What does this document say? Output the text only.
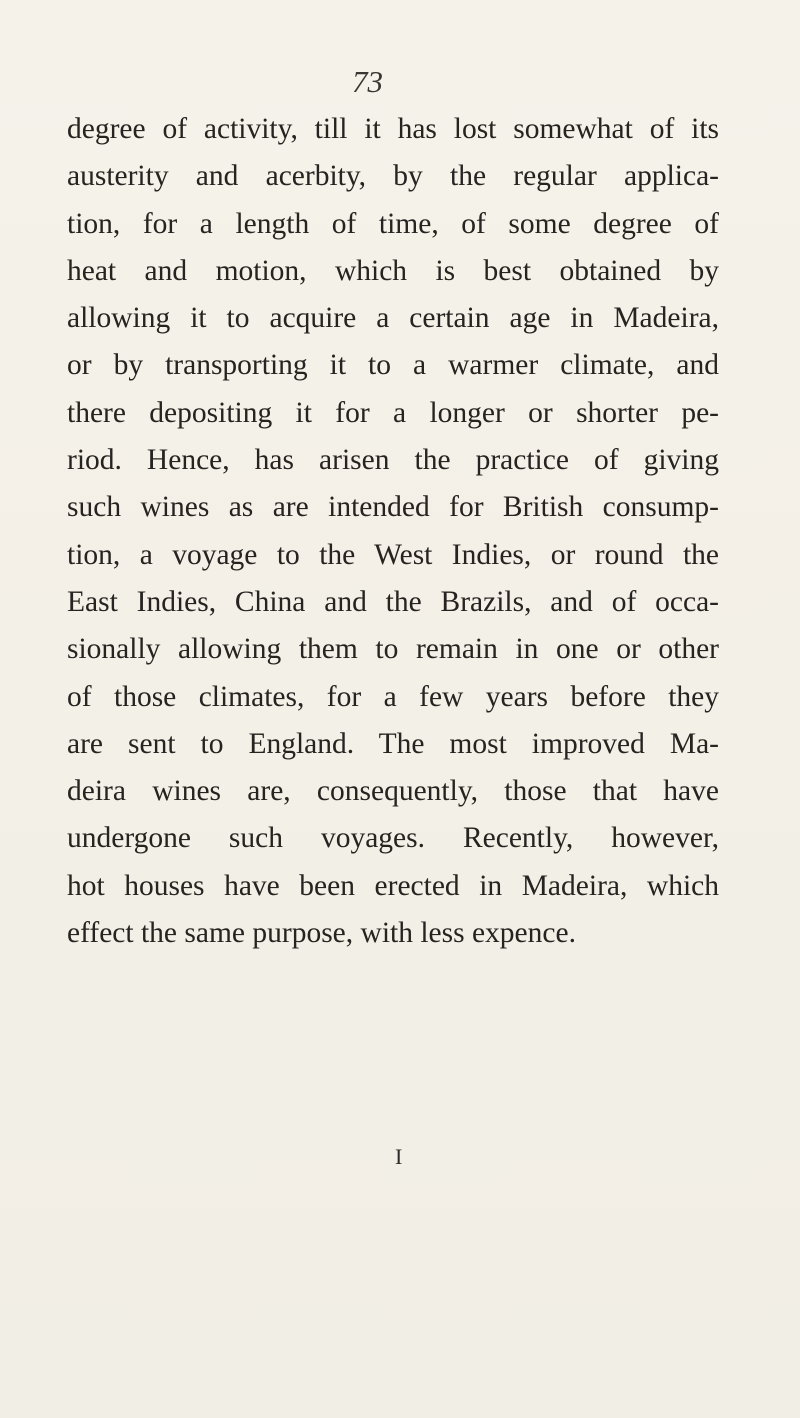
73
degree of activity, till it has lost somewhat of its
austerity and acerbity, by the regular applica-
tion, for a length of time, of some degree of
heat and motion, which is best obtained by
allowing it to acquire a certain age in Madeira,
or by transporting it to a warmer climate, and
there depositing it for a longer or shorter pe-
riod. Hence, has arisen the practice of giving
such wines as are intended for British consump-
tion, a voyage to the West Indies, or round the
East Indies, China and the Brazils, and of occa-
sionally allowing them to remain in one or other
of those climates, for a few years before they
are sent to England. The most improved Ma-
deira wines are, consequently, those that have
undergone such voyages. Recently, however,
hot houses have been erected in Madeira, which
effect the same purpose, with less expence.
I
